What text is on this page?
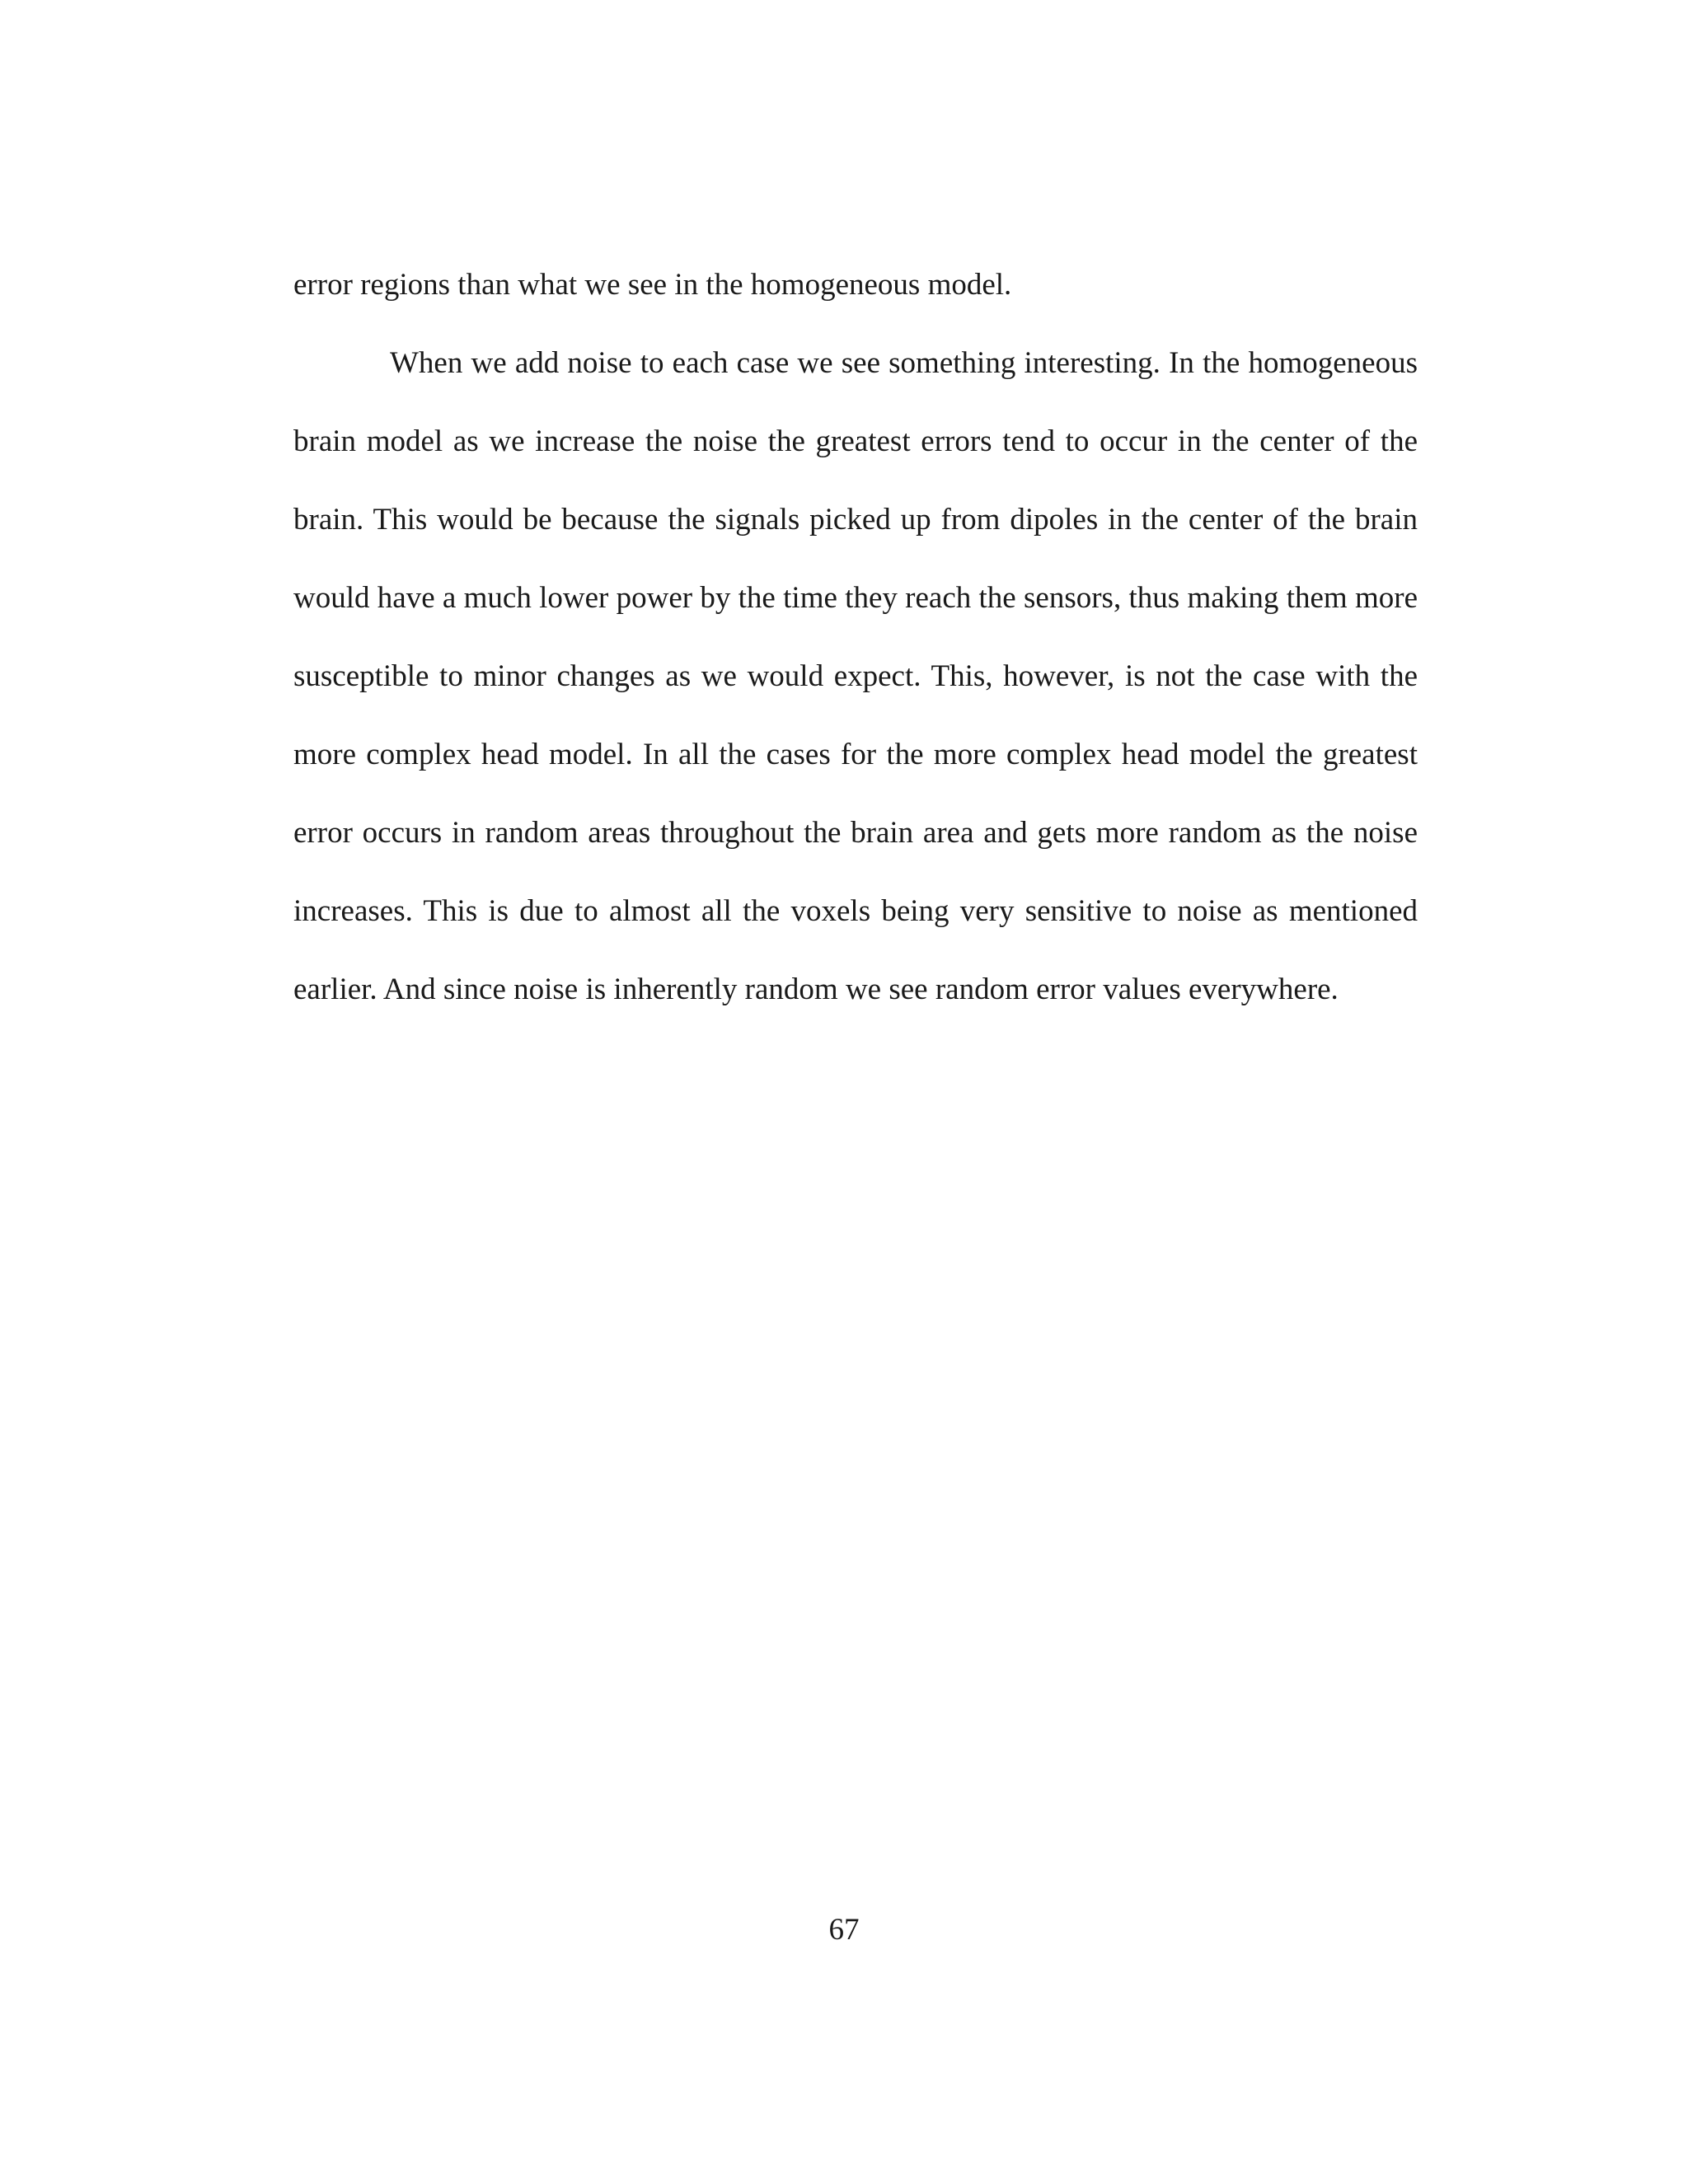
error regions than what we see in the homogeneous model.

When we add noise to each case we see something interesting. In the homogeneous brain model as we increase the noise the greatest errors tend to occur in the center of the brain. This would be because the signals picked up from dipoles in the center of the brain would have a much lower power by the time they reach the sensors, thus making them more susceptible to minor changes as we would expect. This, however, is not the case with the more complex head model. In all the cases for the more complex head model the greatest error occurs in random areas throughout the brain area and gets more random as the noise increases. This is due to almost all the voxels being very sensitive to noise as mentioned earlier. And since noise is inherently random we see random error values everywhere.

67
